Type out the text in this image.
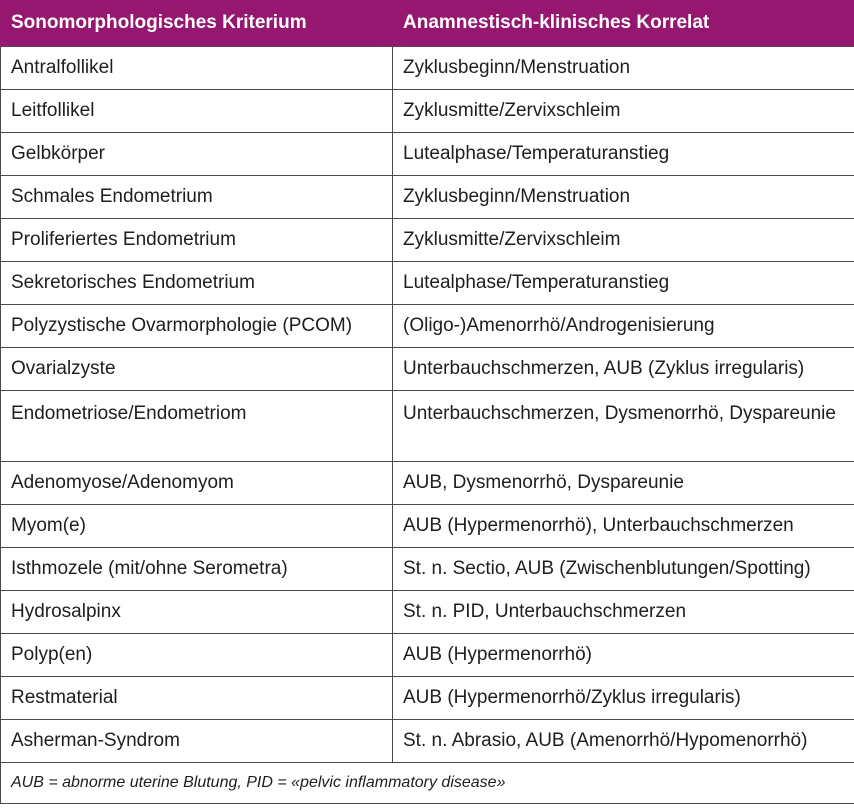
Sonomorphologisches Kriterium	Anamnestisch-klinisches Korrelat
Antralfollikel	Zyklusbeginn/Menstruation
Leitfollikel	Zyklusmitte/Zervixschleim
Gelbkörper	Lutealphase/Temperaturanstieg
Schmales Endometrium	Zyklusbeginn/Menstruation
Proliferiertes Endometrium	Zyklusmitte/Zervixschleim
Sekretorisches Endometrium	Lutealphase/Temperaturanstieg
Polyzystische Ovarmorphologie (PCOM)	(Oligo-)Amenorrhö/Androgenisierung
Ovarialzyste	Unterbauchschmerzen, AUB (Zyklus irregularis)
Endometriose/Endometriom	Unterbauchschmerzen, Dysmenorrhö, Dyspareunie
Adenomyose/Adenomyom	AUB, Dysmenorrhö, Dyspareunie
Myom(e)	AUB (Hypermenorrhö), Unterbauchschmerzen
Isthmozele (mit/ohne Serometra)	St. n. Sectio, AUB (Zwischenblutungen/Spotting)
Hydrosalpinx	St. n. PID, Unterbauchschmerzen
Polyp(en)	AUB (Hypermenorrhö)
Restmaterial	AUB (Hypermenorrhö/Zyklus irregularis)
Asherman-Syndrom	St. n. Abrasio, AUB (Amenorrhö/Hypomenorrhö)
AUB = abnorme uterine Blutung, PID = «pelvic inflammatory disease»	
